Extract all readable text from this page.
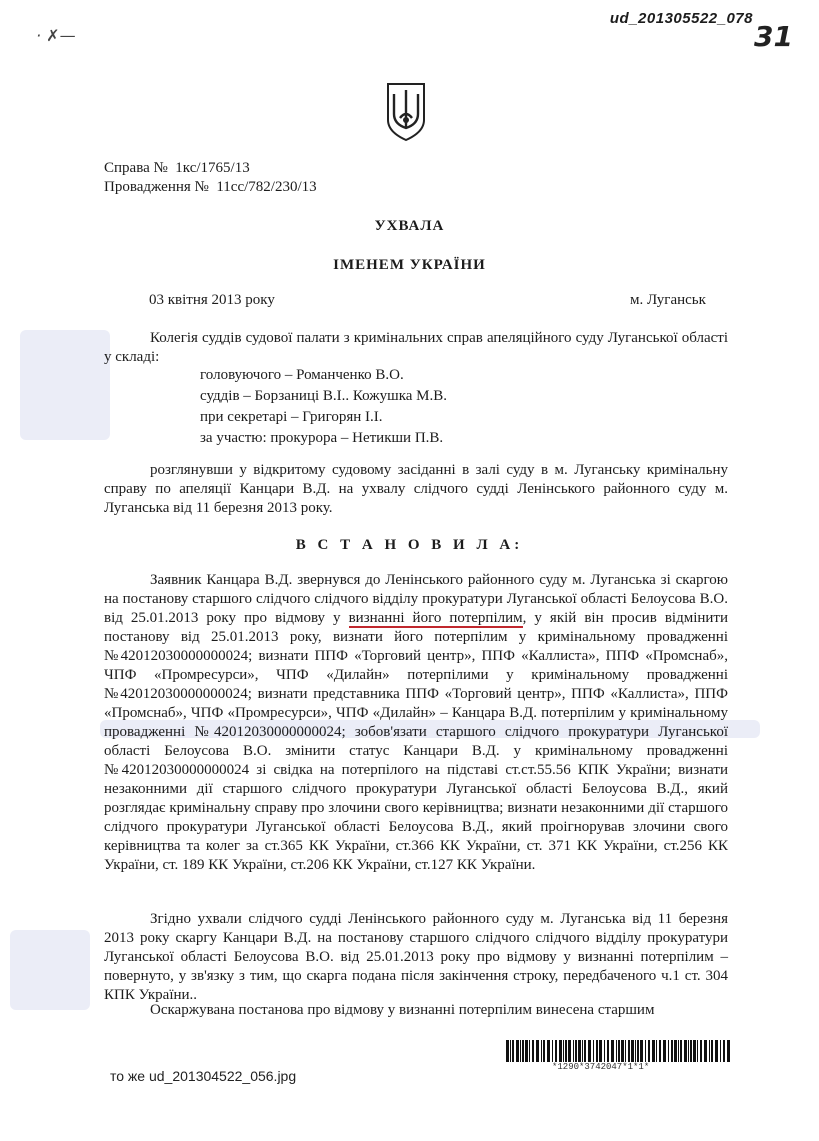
· ✗—
ud_201305522_078
31
Справа №  1кс/1765/13
Провадження №  11сс/782/230/13
УХВАЛА
ІМЕНЕМ УКРАЇНИ
03 квітня 2013 року	м. Луганськ
Колегія суддів судової палати з кримінальних справ апеляційного суду Луганської області у складі:
головуючого – Романченко В.О.
суддів – Борзаниці В.І.. Кожушка М.В.
при секретарі – Григорян І.І.
за участю: прокурора – Нетикши П.В.
розглянувши у відкритому судовому засіданні в залі суду в м. Луганську кримінальну справу по апеляції Канцари В.Д. на ухвалу слідчого судді Ленінського районного суду м. Луганська від 11 березня 2013 року.
В С Т А Н О В И Л А:
Заявник Канцара В.Д. звернувся до Ленінського районного суду м. Луганська зі скаргою на постанову старшого слідчого слідчого відділу прокуратури Луганської області Белоусова В.О. від 25.01.2013 року про відмову у визнанні його потерпілим, у якій він просив відмінити постанову від 25.01.2013 року, визнати його потерпілим у кримінальному провадженні №42012030000000024; визнати ППФ «Торговий центр», ППФ «Каллиста», ППФ «Промснаб», ЧПФ «Промресурси», ЧПФ «Дилайн» потерпілими у кримінальному провадженні №42012030000000024; визнати представника ППФ «Торговий центр», ППФ «Каллиста», ППФ «Промснаб», ЧПФ «Промресурси», ЧПФ «Дилайн» – Канцара В.Д. потерпілим у кримінальному провадженні №42012030000000024; зобов'язати старшого слідчого прокуратури Луганської області Белоусова В.О. змінити статус Канцари В.Д. у кримінальному провадженні №42012030000000024 зі свідка на потерпілого на підставі ст.ст.55.56 КПК України; визнати незаконними дії старшого слідчого прокуратури Луганської області Белоусова В.Д., який розглядає кримінальну справу про злочини свого керівництва; визнати незаконними дії старшого слідчого прокуратури Луганської області Белоусова В.Д., який проігнорував злочини свого керівництва та колег за ст.365 КК України, ст.366 КК України, ст. 371 КК України, ст.256 КК України, ст. 189 КК України, ст.206 КК України, ст.127 КК України.
Згідно ухвали слідчого судді Ленінського районного суду м. Луганська від 11 березня 2013 року скаргу Канцари В.Д. на постанову старшого слідчого слідчого відділу прокуратури Луганської області Белоусова В.О. від 25.01.2013 року про відмову у визнанні потерпілим – повернуто, у зв'язку з тим, що скарга подана після закінчення строку, передбаченого ч.1 ст. 304 КПК України..
Оскаржувана постанова про відмову у визнанні потерпілим винесена старшим
*1290*3742047*1*1*
то же ud_201304522_056.jpg
